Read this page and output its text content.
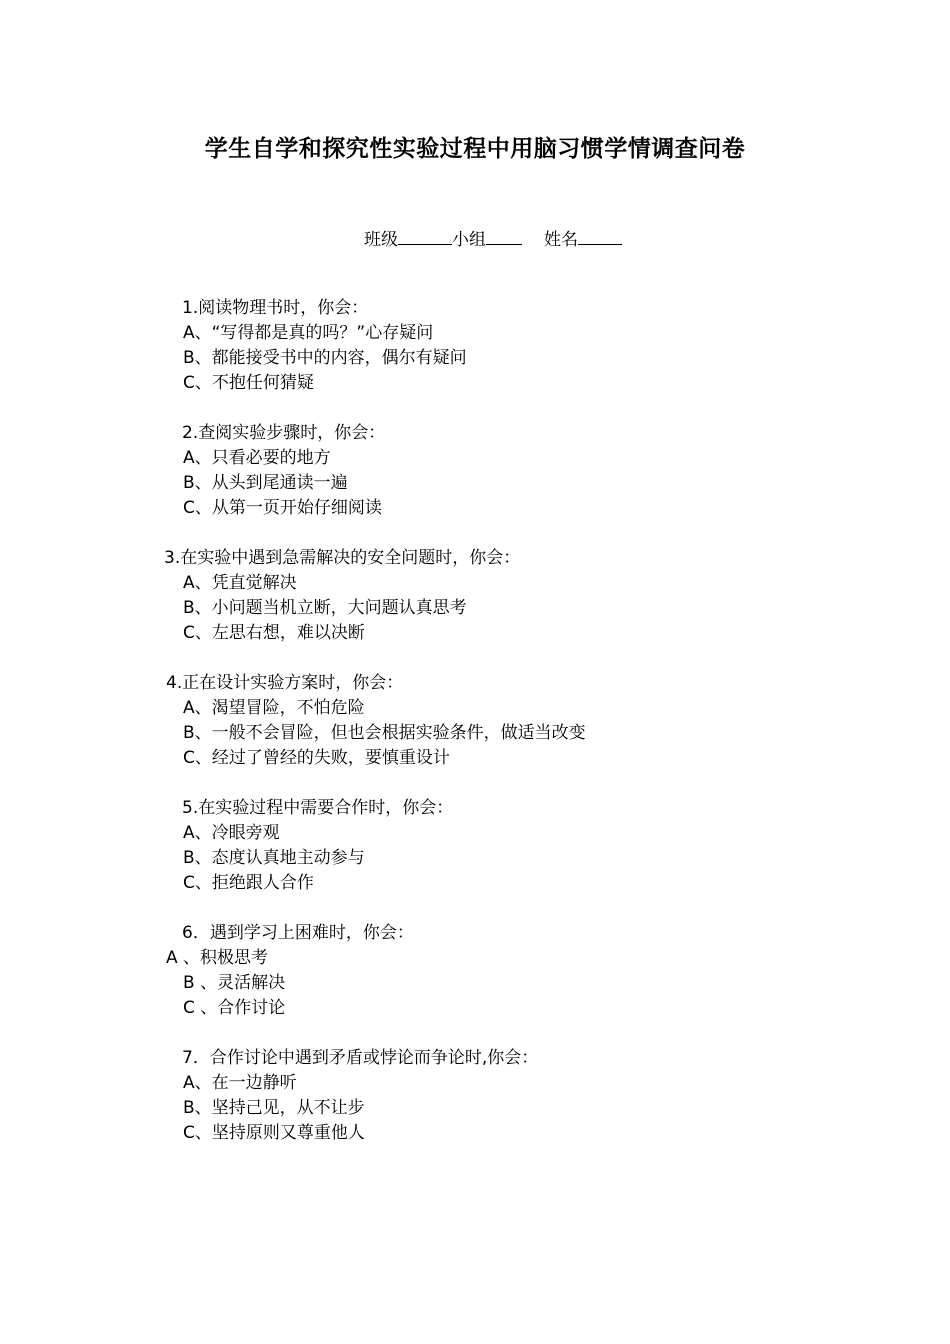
学生自学和探究性实验过程中用脑习惯学情调查问卷
班级	小组	姓名
1.阅读物理书时，你会：
A、“写得都是真的吗？”心存疑问
B、都能接受书中的内容，偶尔有疑问
C、不抱任何猜疑
2.查阅实验步骤时，你会：
A、只看必要的地方
B、从头到尾通读一遍
C、从第一页开始仔细阅读
3.在实验中遇到急需解决的安全问题时，你会：
A、凭直觉解决
B、小问题当机立断，大问题认真思考
C、左思右想，难以决断
4.正在设计实验方案时，你会：
A、渴望冒险，不怕危险
B、一般不会冒险，但也会根据实验条件，做适当改变
C、经过了曾经的失败，要慎重设计
5.在实验过程中需要合作时，你会：
A、冷眼旁观
B、态度认真地主动参与
C、拒绝跟人合作
6．遇到学习上困难时，你会：
A 、积极思考
B 、灵活解决
C 、合作讨论
7．合作讨论中遇到矛盾或悖论而争论时,你会：
A、在一边静听
B、坚持己见，从不让步
C、坚持原则又尊重他人
